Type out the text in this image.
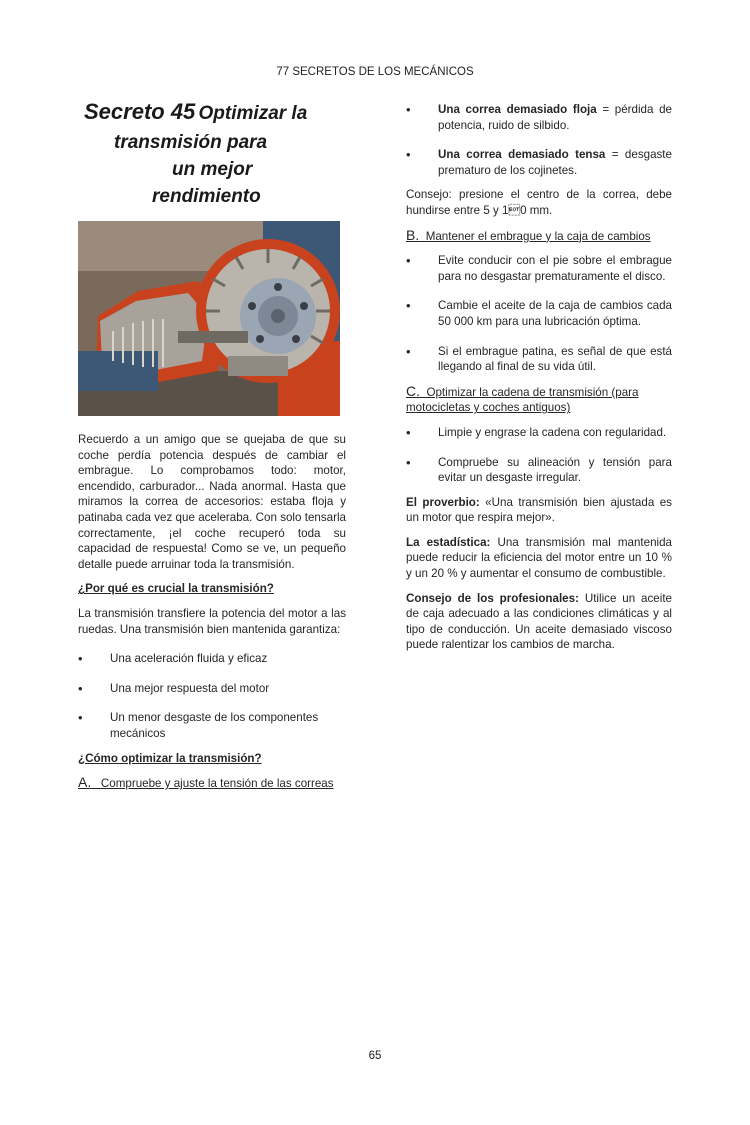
77 SECRETOS DE LOS MECÁNICOS
Secreto 45 Optimizar la
transmisión para
un mejor
rendimiento

Recuerdo a un amigo que se quejaba de que su coche perdía potencia después de cambiar el embrague. Lo comprobamos todo: motor, encendido, carburador... Nada anormal. Hasta que miramos la correa de accesorios: estaba floja y patinaba cada vez que aceleraba. Con solo tensarla correctamente, ¡el coche recuperó toda su capacidad de respuesta! Como se ve, un pequeño detalle puede arruinar toda la transmisión.

¿Por qué es crucial la transmisión?

La transmisión transfiere la potencia del motor a las ruedas. Una transmisión bien mantenida garantiza:

•	Una aceleración fluida y eficaz
•	Una mejor respuesta del motor
•	Un menor desgaste de los componentes mecánicos
¿Cómo optimizar la transmisión?
A. Compruebe y ajuste la tensión de las correas
•	Una correa demasiado floja = pérdida de potencia, ruido de silbido.
•	Una correa demasiado tensa = desgaste prematuro de los cojinetes.

Consejo: presione el centro de la correa, debe hundirse entre 5 y 10 mm.

B. Mantener el embrague y la caja de cambios
•	Evite conducir con el pie sobre el embrague para no desgastar prematuramente el disco.
•	Cambie el aceite de la caja de cambios cada 50 000 km para una lubricación óptima.
•	Si el embrague patina, es señal de que está llegando al final de su vida útil.
C. Optimizar la cadena de transmisión (para motocicletas y coches antiguos)
•	Limpie y engrase la cadena con regularidad.
•	Compruebe su alineación y tensión para evitar un desgaste irregular.

El proverbio: «Una transmisión bien ajustada es un motor que respira mejor».

La estadística: Una transmisión mal mantenida puede reducir la eficiencia del motor entre un 10 % y un 20 % y aumentar el consumo de combustible.

Consejo de los profesionales: Utilice un aceite de caja adecuado a las condiciones climáticas y al tipo de conducción. Un aceite demasiado viscoso puede ralentizar los cambios de marcha.

65
